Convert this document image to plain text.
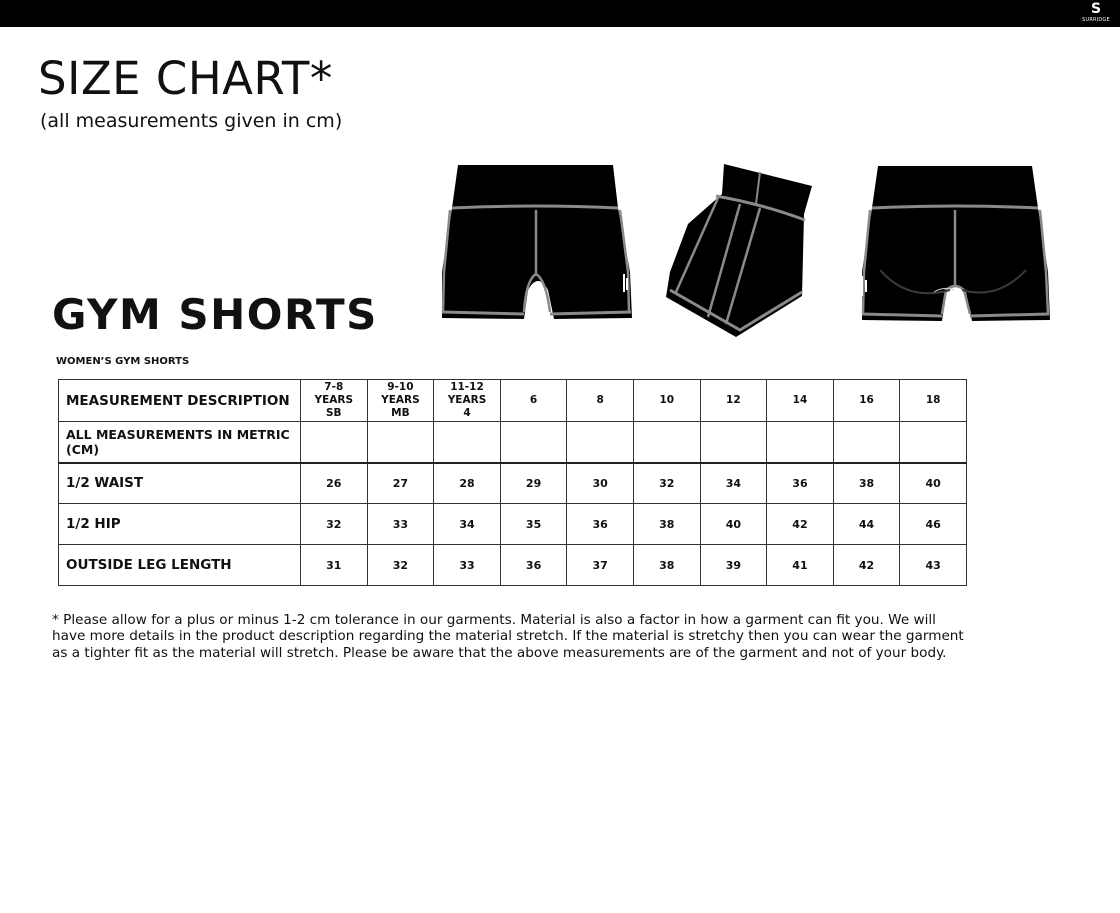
S
SURRIDGE
SIZE CHART*
(all measurements given in cm)
GYM SHORTS
WOMEN’S GYM SHORTS
MEASUREMENT DESCRIPTION	7-8
YEARS
SB	9-10
YEARS
MB	11-12
YEARS
4	6	8	10	12	14	16	18
ALL MEASUREMENTS IN METRIC (CM)										
1/2 WAIST	26	27	28	29	30	32	34	36	38	40
1/2 HIP	32	33	34	35	36	38	40	42	44	46
OUTSIDE LEG LENGTH	31	32	33	36	37	38	39	41	42	43

* Please allow for a plus or minus 1-2 cm tolerance in our garments. Material is also a factor in how a garment can fit you. We will have more details in the product description regarding the material stretch. If the material is stretchy then you can wear the garment as a tighter fit as the material will stretch. Please be aware that the above measurements are of the garment and not of your body.
